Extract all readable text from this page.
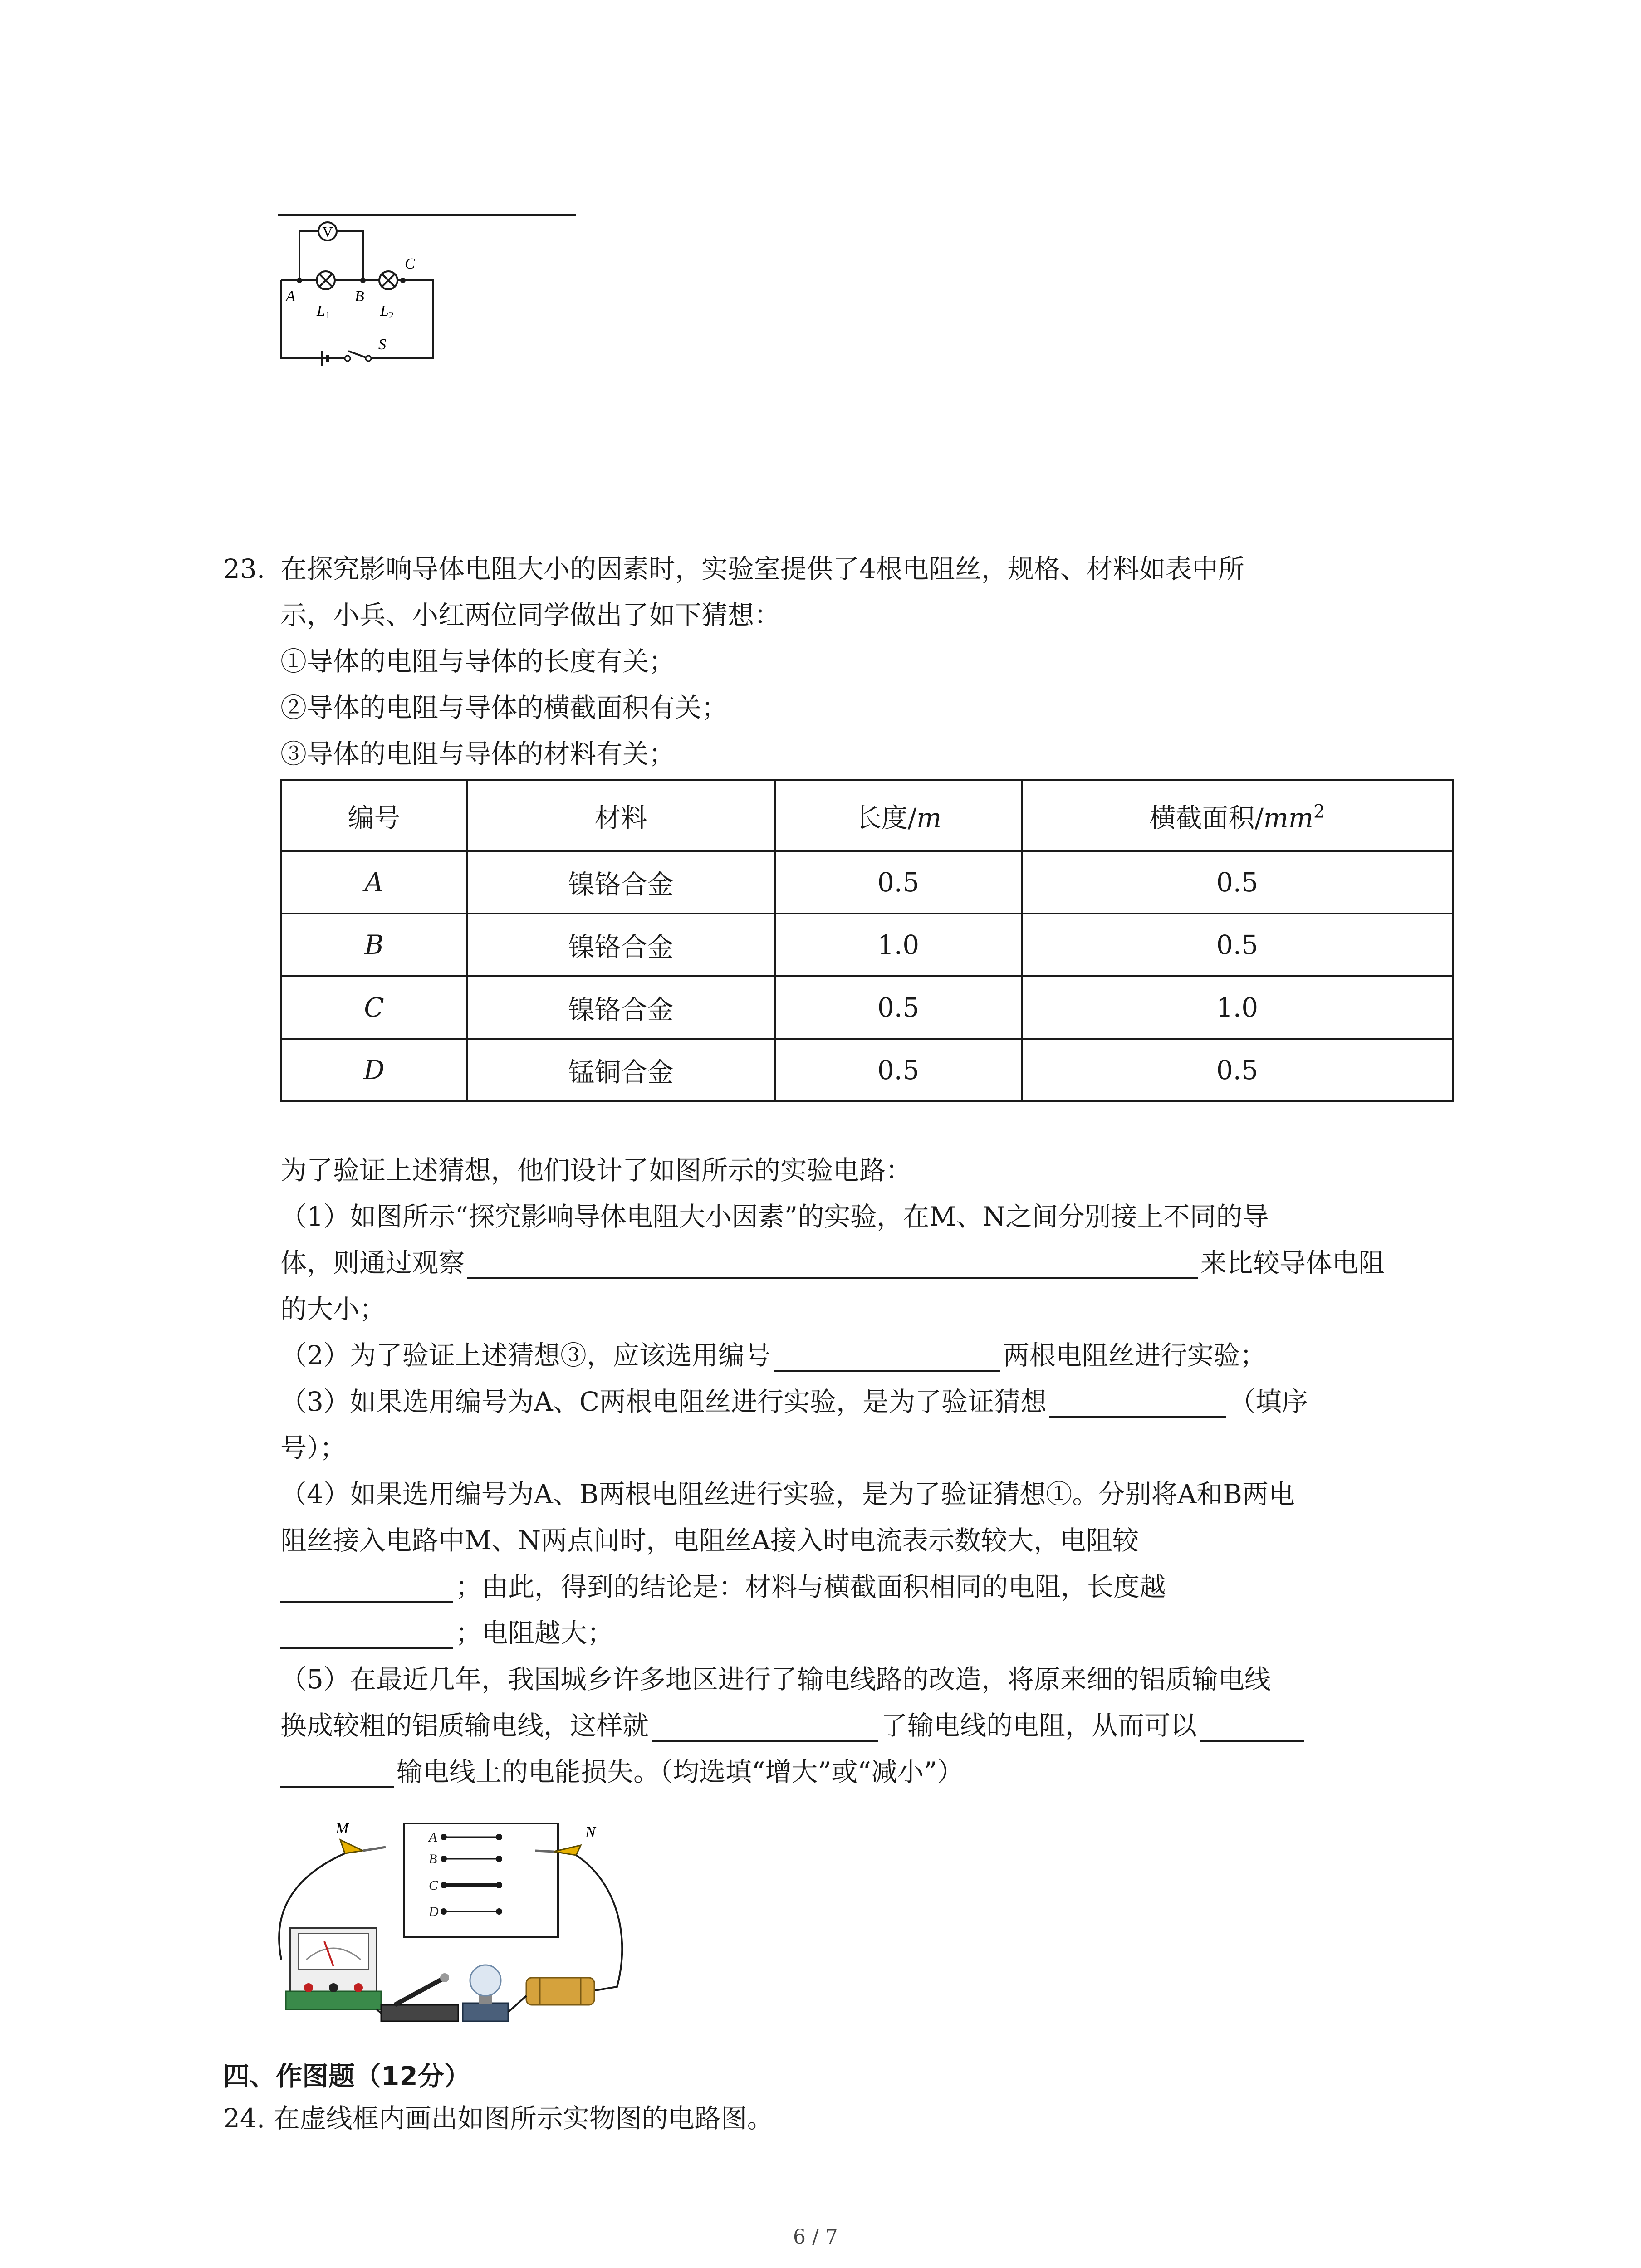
V
A	B
C
L1	L2
S
23. 在探究影响导体电阻大小的因素时，实验室提供了4根电阻丝，规格、材料如表中所
示，小兵、小红两位同学做出了如下猜想：
①导体的电阻与导体的长度有关；
②导体的电阻与导体的横截面积有关；
③导体的电阻与导体的材料有关；
编号	材料	长度/m	横截面积$/mm^2$
A	镍铬合金	0.5	0.5
B	镍铬合金	1.0	0.5
C	镍铬合金	0.5	1.0
D	锰铜合金	0.5	0.5
为了验证上述猜想，他们设计了如图所示的实验电路：
（1）如图所示“探究影响导体电阻大小因素”的实验，在M、N之间分别接上不同的导
体，则通过观察	来比较导体电阻
的大小；
（2）为了验证上述猜想③，应该选用编号	两根电阻丝进行实验；
（3）如果选用编号为A、C两根电阻丝进行实验，是为了验证猜想	（填序
号）；
（4）如果选用编号为A、B两根电阻丝进行实验，是为了验证猜想①。分别将A和B两电
阻丝接入电路中M、N两点间时，电阻丝A接入时电流表示数较大，电阻较
；由此，得到的结论是：材料与横截面积相同的电阻，长度越
；电阻越大；
（5）在最近几年，我国城乡许多地区进行了输电线路的改造，将原来细的铝质输电线
换成较粗的铝质输电线，这样就	了输电线的电阻，从而可以
输电线上的电能损失。（均选填“增大”或“减小”）
A
B
C
D
M	N
四、作图题（12分）
24. 在虚线框内画出如图所示实物图的电路图。
6 / 7
